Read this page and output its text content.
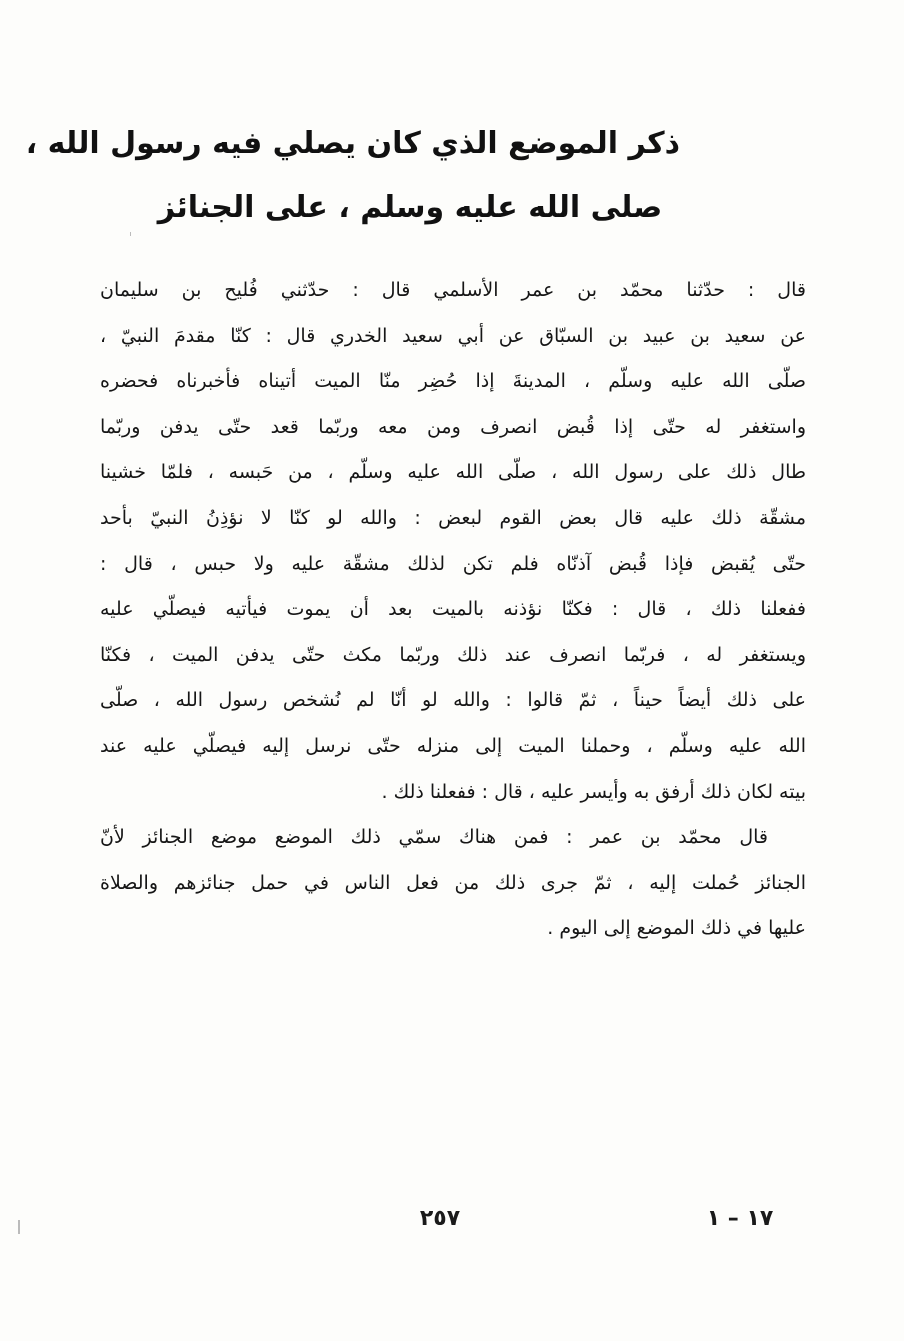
ذكر الموضع الذي كان يصلي فيه رسول الله ،
صلى الله عليه وسلم ، على الجنائز
قال : حدّثنا محمّد بن عمر الأسلمي قال : حدّثني فُليح بن سليمان
عن سعيد بن عبيد بن السبّاق عن أبي سعيد الخدري قال : كنّا مقدمَ النبيّ ،
صلّى الله عليه وسلّم ، المدينةَ إذا حُضِر منّا الميت أتيناه فأخبرناه فحضره
واستغفر له حتّى إذا قُبض انصرف ومن معه وربّما قعد حتّى يدفن وربّما
طال ذلك على رسول الله ، صلّى الله عليه وسلّم ، من حَبسه ، فلمّا خشينا
مشقّة ذلك عليه قال بعض القوم لبعض : والله لو كنّا لا نؤذِنُ النبيّ بأحد
حتّى يُقبض فإذا قُبض آذنّاه فلم تكن لذلك مشقّة عليه ولا حبس ، قال :
ففعلنا ذلك ، قال : فكنّا نؤذنه بالميت بعد أن يموت فيأتيه فيصلّي عليه
ويستغفر له ، فربّما انصرف عند ذلك وربّما مكث حتّى يدفن الميت ، فكنّا
على ذلك أيضاً حيناً ، ثمّ قالوا : والله لو أنّا لم نُشخص رسول الله ، صلّى
الله عليه وسلّم ، وحملنا الميت إلى منزله حتّى نرسل إليه فيصلّي عليه عند
بيته لكان ذلك أرفق به وأيسر عليه ، قال : ففعلنا ذلك .
قال محمّد بن عمر : فمن هناك سمّي ذلك الموضع موضع الجنائز لأنّ
الجنائز حُملت إليه ، ثمّ جرى ذلك من فعل الناس في حمل جنائزهم والصلاة
عليها في ذلك الموضع إلى اليوم .
٢٥٧	١٧ – ١
